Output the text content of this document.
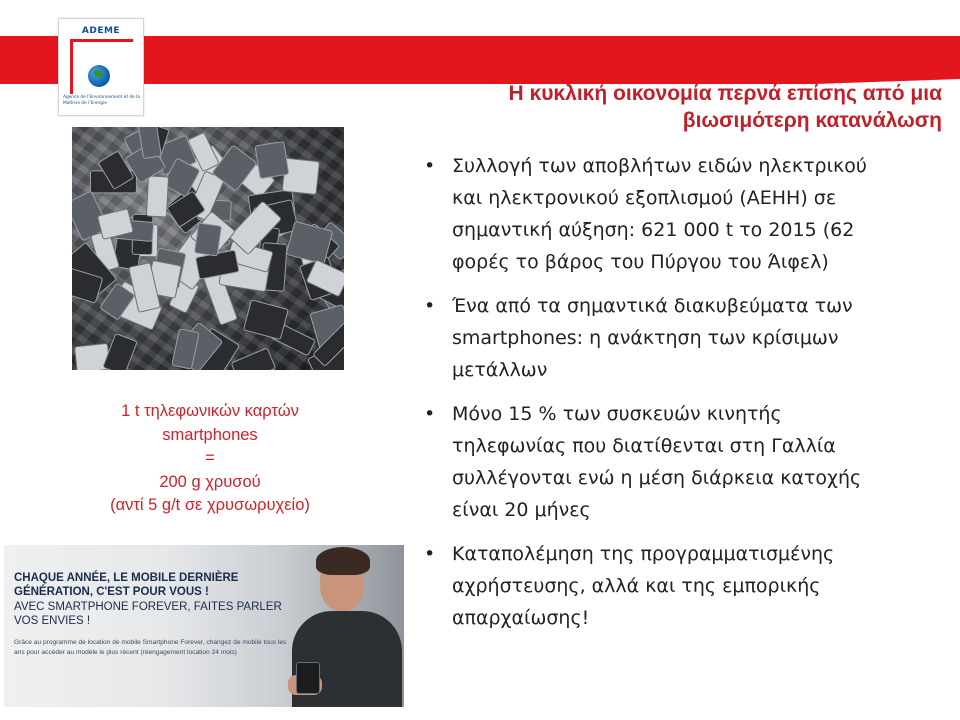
ADEME
Agence de l'Environnement et de la Maîtrise de l'Energie	Η κυκλική οικονομία περνά επίσης από μια
βιωσιμότερη κατανάλωση
1 t τηλεφωνικών καρτών
smartphones
=
200 g χρυσού
(αντί 5 g/t σε χρυσωρυχείο)
CHAQUE ANNÉE, LE MOBILE DERNIÈRE GÉNÉRATION, C'EST POUR VOUS !
AVEC SMARTPHONE FOREVER, FAITES PARLER VOS ENVIES !
Grâce au programme de location de mobile Smartphone Forever, changez de mobile tous les ans pour accéder au modèle le plus récent (réengagement location 24 mois)
• Συλλογή των αποβλήτων ειδών ηλεκτρικού
και ηλεκτρονικού εξοπλισμού (ΑΕΗΗ) σε
σημαντική αύξηση: 621 000 t το 2015 (62
φορές το βάρος του Πύργου του Άιφελ)
• Ένα από τα σημαντικά διακυβεύματα των
smartphones: η ανάκτηση των κρίσιμων
μετάλλων
• Μόνο 15 % των συσκευών κινητής
τηλεφωνίας που διατίθενται στη Γαλλία
συλλέγονται ενώ η μέση διάρκεια κατοχής
είναι 20 μήνες
• Καταπολέμηση της προγραμματισμένης
αχρήστευσης, αλλά και της εμπορικής
απαρχαίωσης!
